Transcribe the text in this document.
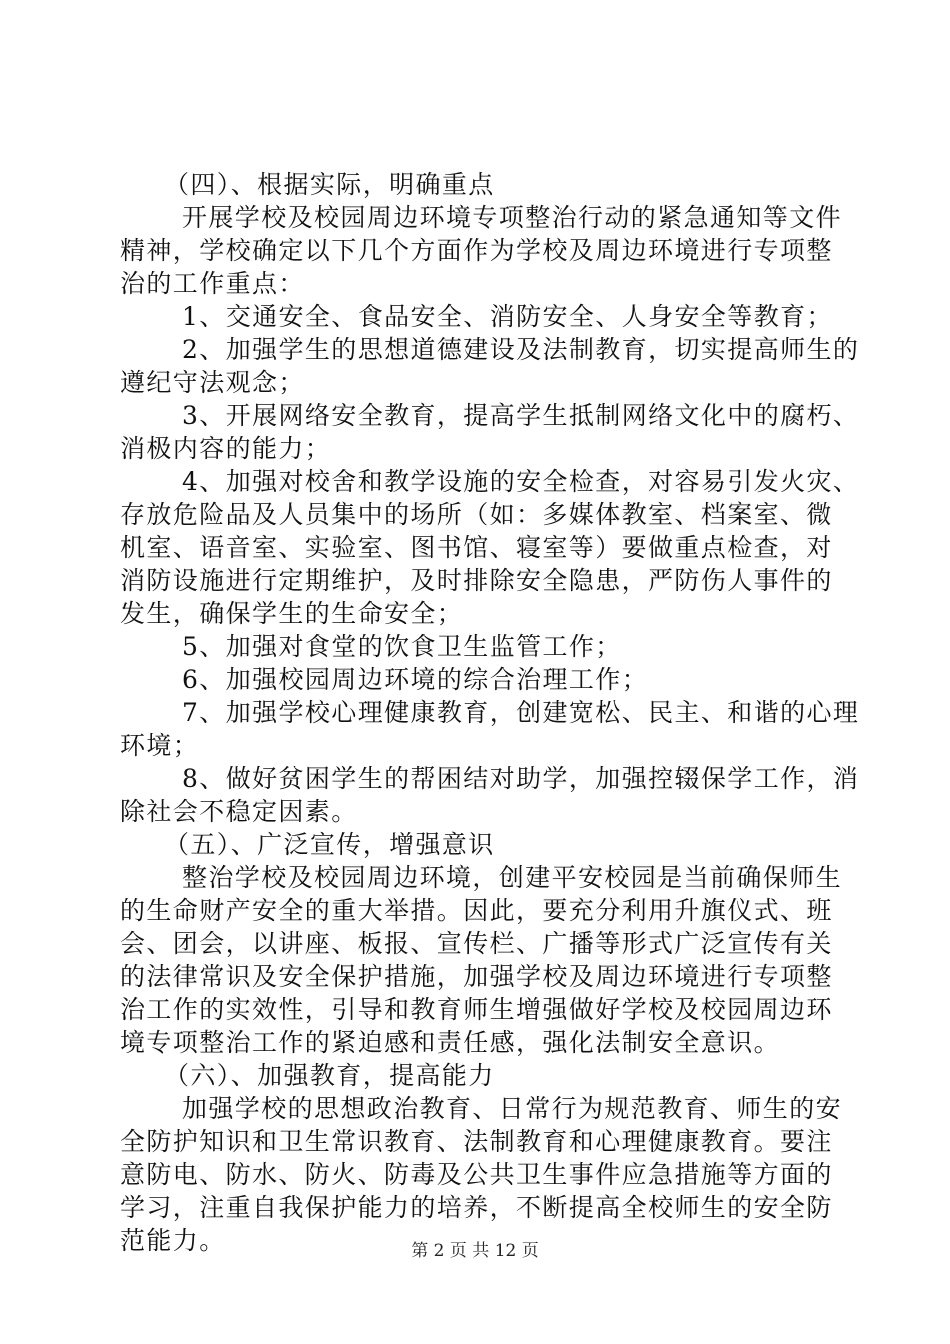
（四）、根据实际，明确重点
开展学校及校园周边环境专项整治行动的紧急通知等文件
精神，学校确定以下几个方面作为学校及周边环境进行专项整
治的工作重点：
1、交通安全、食品安全、消防安全、人身安全等教育；
2、加强学生的思想道德建设及法制教育，切实提高师生的
遵纪守法观念；
3、开展网络安全教育，提高学生抵制网络文化中的腐朽、
消极内容的能力；
4、加强对校舍和教学设施的安全检查，对容易引发火灾、
存放危险品及人员集中的场所（如：多媒体教室、档案室、微
机室、语音室、实验室、图书馆、寝室等）要做重点检查，对
消防设施进行定期维护，及时排除安全隐患，严防伤人事件的
发生，确保学生的生命安全；
5、加强对食堂的饮食卫生监管工作；
6、加强校园周边环境的综合治理工作；
7、加强学校心理健康教育，创建宽松、民主、和谐的心理
环境；
8、做好贫困学生的帮困结对助学，加强控辍保学工作，消
除社会不稳定因素。
（五）、广泛宣传，增强意识
整治学校及校园周边环境，创建平安校园是当前确保师生
的生命财产安全的重大举措。因此，要充分利用升旗仪式、班
会、团会，以讲座、板报、宣传栏、广播等形式广泛宣传有关
的法律常识及安全保护措施，加强学校及周边环境进行专项整
治工作的实效性，引导和教育师生增强做好学校及校园周边环
境专项整治工作的紧迫感和责任感，强化法制安全意识。
（六）、加强教育，提高能力
加强学校的思想政治教育、日常行为规范教育、师生的安
全防护知识和卫生常识教育、法制教育和心理健康教育。要注
意防电、防水、防火、防毒及公共卫生事件应急措施等方面的
学习，注重自我保护能力的培养，不断提高全校师生的安全防
范能力。	第 2 页 共 12 页
